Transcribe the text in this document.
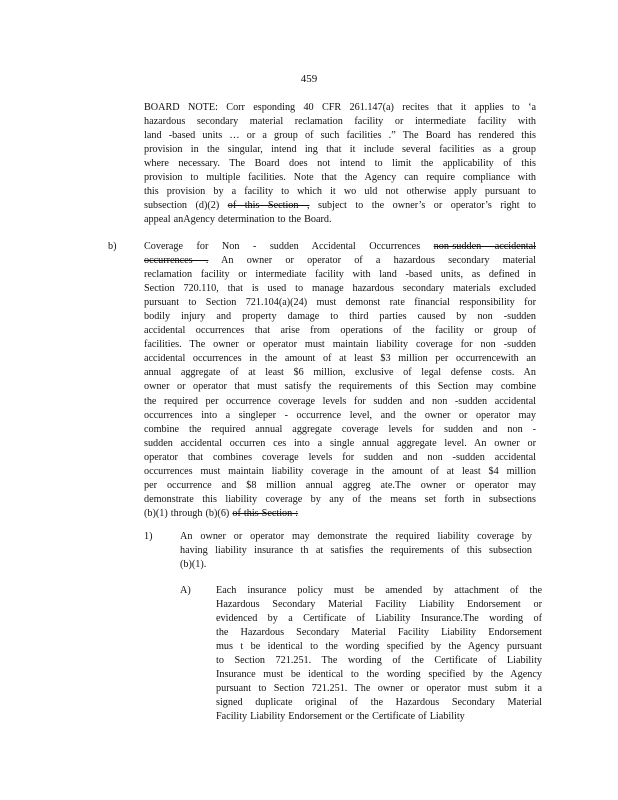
459
BOARD NOTE: Corr esponding 40 CFR 261.147(a) recites that it applies to ‘a
hazardous secondary material reclamation facility or intermediate facility with
land -based units … or a group of such facilities .” The Board has rendered this
provision in the singular, intend ing that it include several facilities as a group
where necessary. The Board does not intend to limit the applicability of this
provision to multiple facilities. Note that the Agency can require compliance with
this provision by a facility to which it wo uld not otherwise apply pursuant to
subsection (d)(2) of this Section , subject to the owner’s or operator’s right to
appeal anAgency determination to the Board.
b)	Coverage for Non - sudden Accidental Occurrences non-sudden accidental
occurrences . An owner or operator of a hazardous secondary material
reclamation facility or intermediate facility with land -based units, as defined in
Section 720.110, that is used to manage hazardous secondary materials excluded
pursuant to Section 721.104(a)(24) must demonst rate financial responsibility for
bodily injury and property damage to third parties caused by non -sudden
accidental occurrences that arise from operations of the facility or group of
facilities. The owner or operator must maintain liability coverage for non -sudden
accidental occurrences in the amount of at least $3 million per occurrencewith an
annual aggregate of at least $6 million, exclusive of legal defense costs. An
owner or operator that must satisfy the requirements of this Section may combine
the required per occurrence coverage levels for sudden and non -sudden accidental
occurrences into a singleper - occurrence level, and the owner or operator may
combine the required annual aggregate coverage levels for sudden and non -
sudden accidental occurren ces into a single annual aggregate level. An owner or
operator that combines coverage levels for sudden and non -sudden accidental
occurrences must maintain liability coverage in the amount of at least $4 million
per occurrence and $8 million annual aggreg ate.The owner or operator may
demonstrate this liability coverage by any of the means set forth in subsections
(b)(1) through (b)(6) of this Section :
1)	An owner or operator may demonstrate the required liability coverage by
having liability insurance th at satisfies the requirements of this subsection
(b)(1).
A) Each insurance policy must be amended by attachment of the
Hazardous Secondary Material Facility Liability Endorsement or
evidenced by a Certificate of Liability Insurance.The wording of
the Hazardous Secondary Material Facility Liability Endorsement
mus t be identical to the wording specified by the Agency pursuant
to Section 721.251. The wording of the Certificate of Liability
Insurance must be identical to the wording specified by the Agency
pursuant to Section 721.251. The owner or operator must subm it a
signed duplicate original of the Hazardous Secondary Material
Facility Liability Endorsement or the Certificate of Liability
